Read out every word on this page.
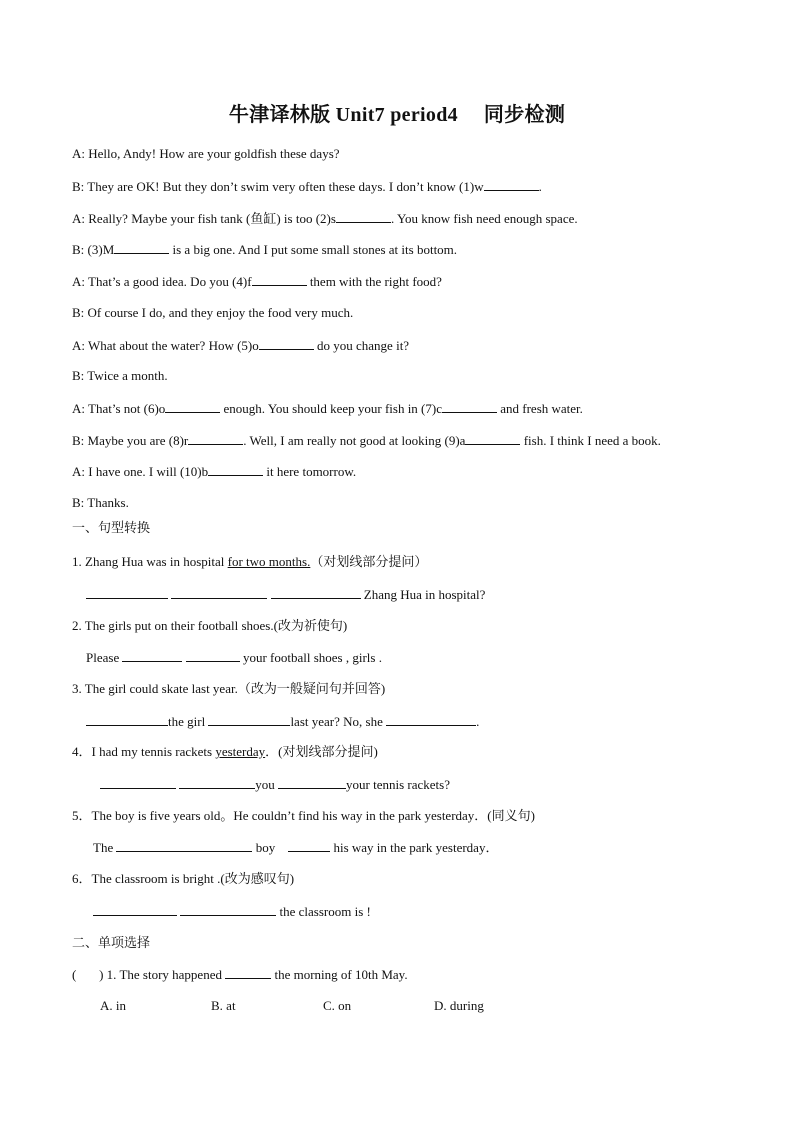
牛津译林版 Unit7 period4 同步检测
A: Hello, Andy! How are your goldfish these days?
B: They are OK! But they don’t swim very often these days. I don’t know (1)w	.
A: Really? Maybe your fish tank (鱼缸) is too (2)s	. You know fish need enough space.
B: (3)M	is a big one. And I put some small stones at its bottom.
A: That’s a good idea. Do you (4)f	them with the right food?
B: Of course I do, and they enjoy the food very much.
A: What about the water? How (5)o	do you change it?
B: Twice a month.
A: That’s not (6)o	enough. You should keep your fish in (7)c	and fresh water.
B: Maybe you are (8)r	. Well, I am really not good at looking (9)a	fish. I think I need a book.
A: I have one. I will (10)b	it here tomorrow.
B: Thanks.
一、句型转换
1. Zhang Hua was in hospital for two months.（对划线部分提问）
Zhang Hua in hospital?
2. The girls put on their football shoes.(改为祈使句)
Please	your football shoes , girls .
3. The girl could skate last year.（改为一般疑问句并回答)
the girl	last year? No, she	.
4．I had my tennis rackets yesterday．(对划线部分提问)
you	your tennis rackets?
5．The boy is five years old。He couldn’t find his way in the park yesterday．(同义句)
The	boy	his way in the park yesterday．
6．The classroom is bright .(改为感叹句)
the classroom is !
二、单项选择
( ) 1. The story happened	the morning of 10th May.
A. in	B. at	C. on	D. during
